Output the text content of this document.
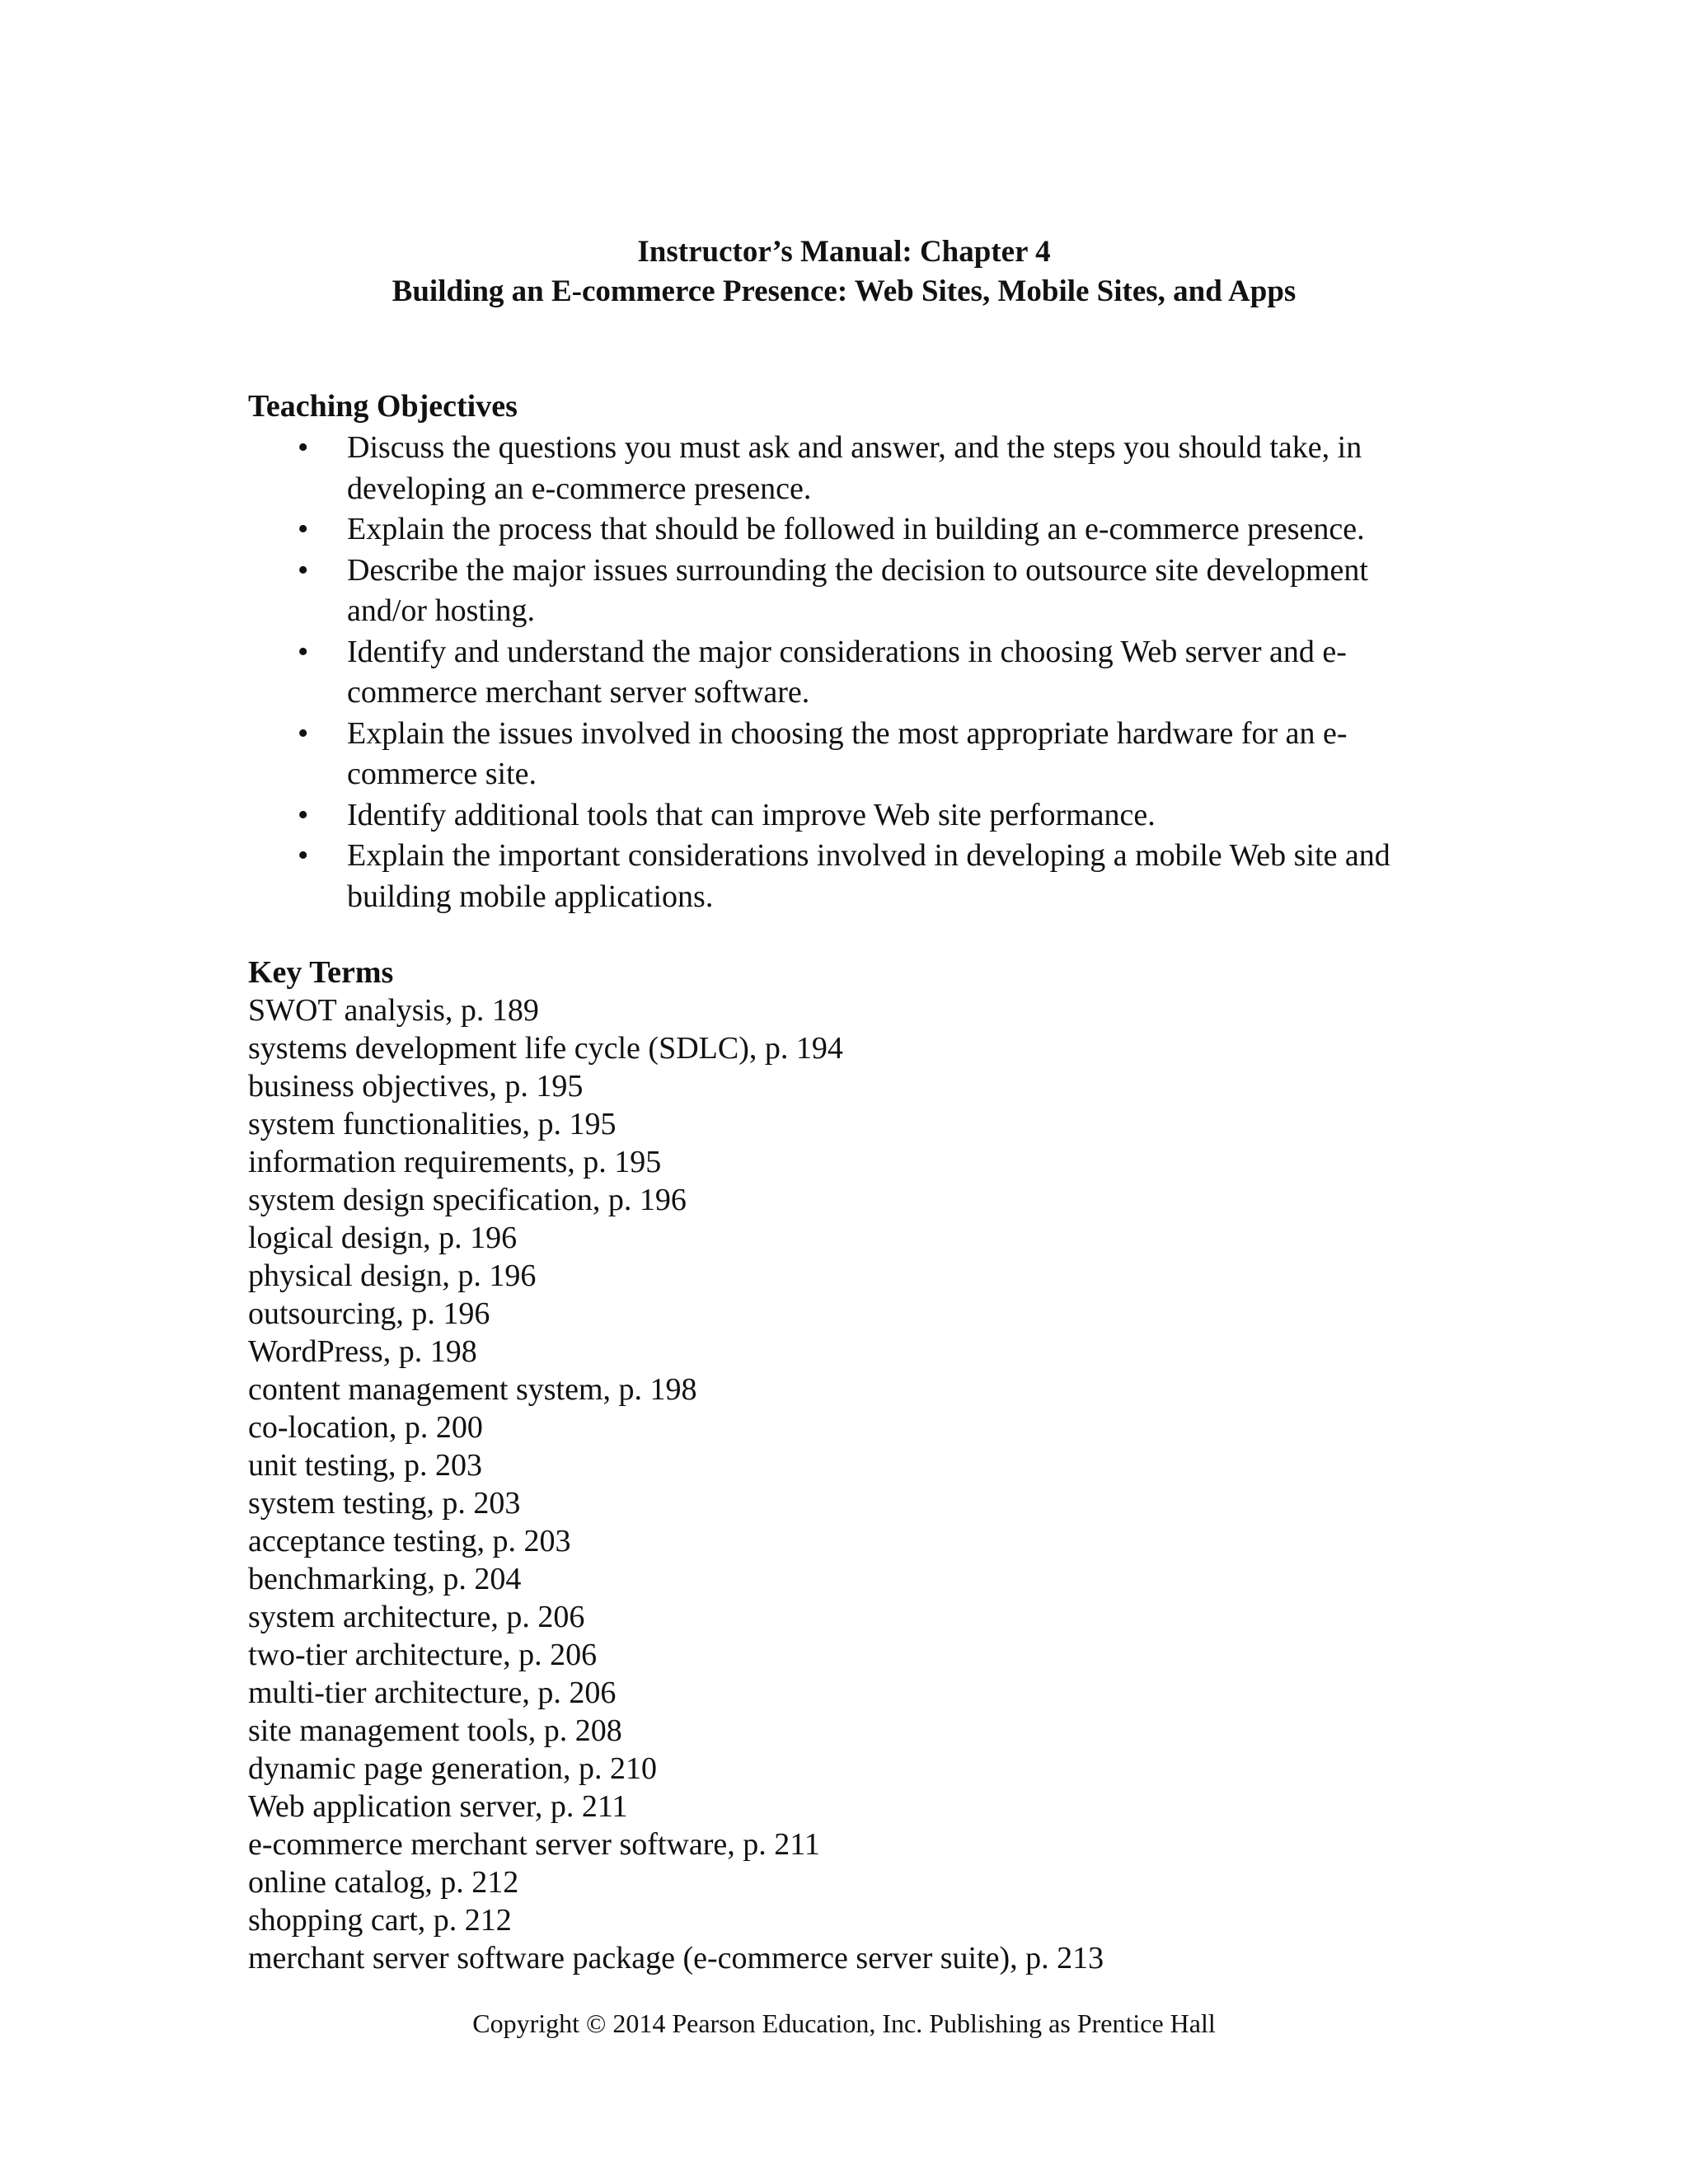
Instructor’s Manual: Chapter 4
Building an E-commerce Presence: Web Sites, Mobile Sites, and Apps
Teaching Objectives
• Discuss the questions you must ask and answer, and the steps you should take, in developing an e-commerce presence.
• Explain the process that should be followed in building an e-commerce presence.
• Describe the major issues surrounding the decision to outsource site development and/or hosting.
• Identify and understand the major considerations in choosing Web server and e-commerce merchant server software.
• Explain the issues involved in choosing the most appropriate hardware for an e-commerce site.
• Identify additional tools that can improve Web site performance.
• Explain the important considerations involved in developing a mobile Web site and building mobile applications.
Key Terms
SWOT analysis, p. 189
systems development life cycle (SDLC), p. 194
business objectives, p. 195
system functionalities, p. 195
information requirements, p. 195
system design specification, p. 196
logical design, p. 196
physical design, p. 196
outsourcing, p. 196
WordPress, p. 198
content management system, p. 198
co-location, p. 200
unit testing, p. 203
system testing, p. 203
acceptance testing, p. 203
benchmarking, p. 204
system architecture, p. 206
two-tier architecture, p. 206
multi-tier architecture, p. 206
site management tools, p. 208
dynamic page generation, p. 210
Web application server, p. 211
e-commerce merchant server software, p. 211
online catalog, p. 212
shopping cart, p. 212
merchant server software package (e-commerce server suite), p. 213
Copyright © 2014 Pearson Education, Inc. Publishing as Prentice Hall
